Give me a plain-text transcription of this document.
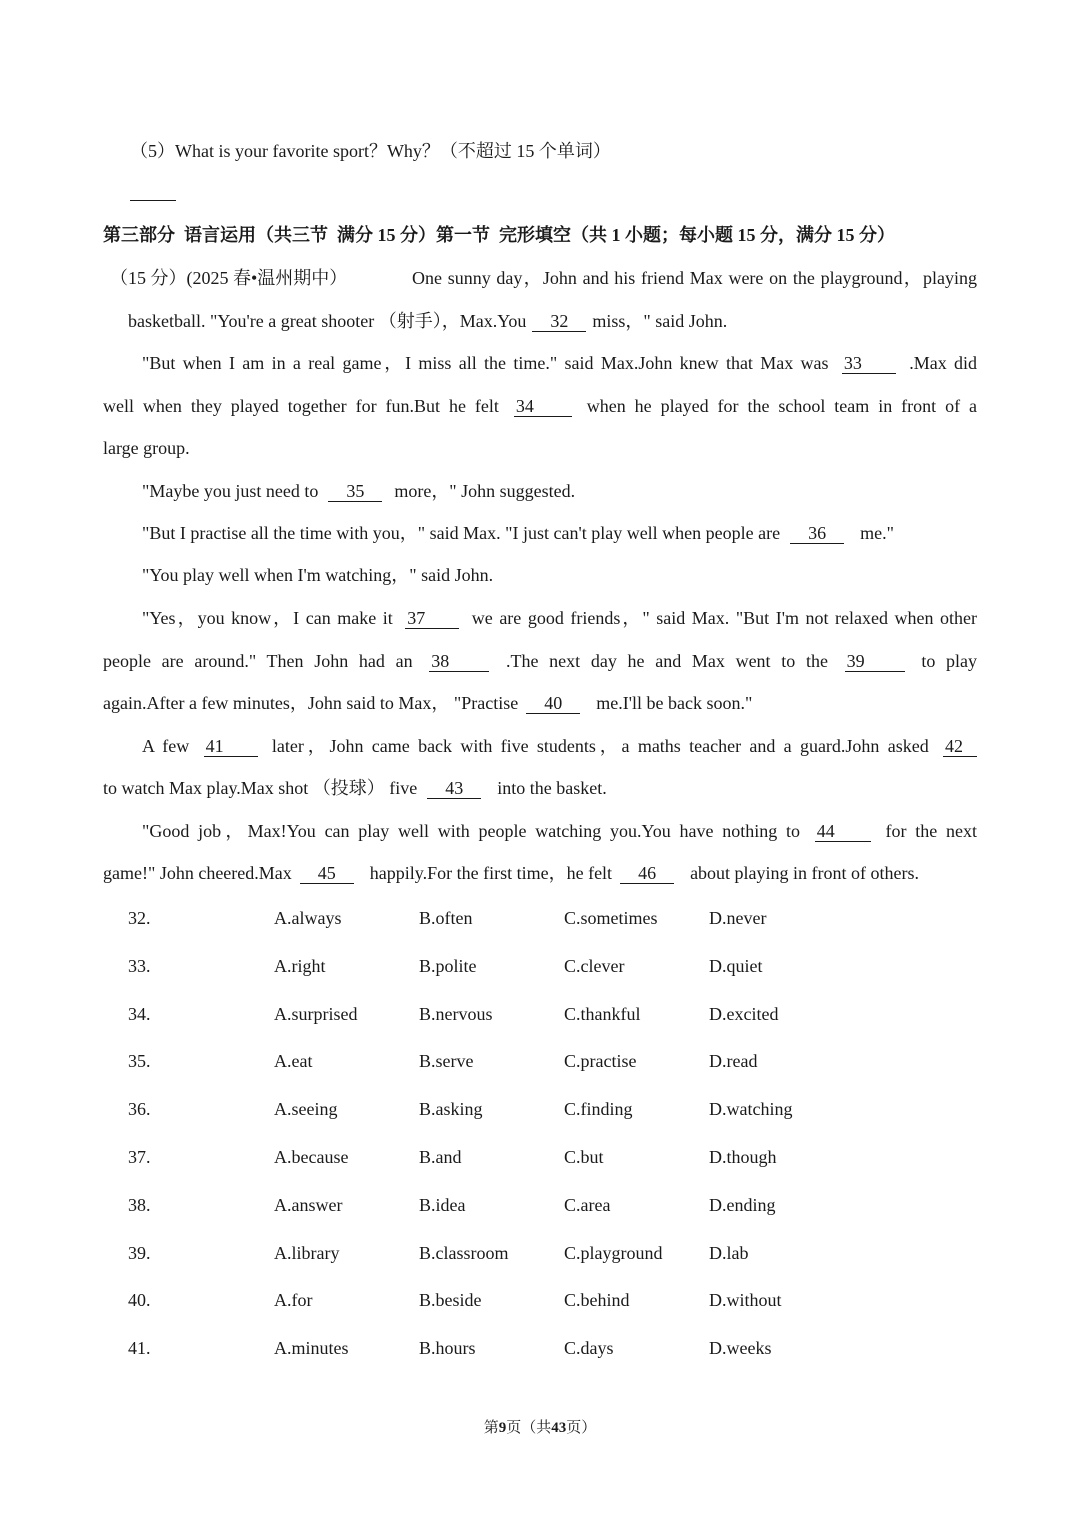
（5）What is your favorite sport？Why？（不超过 15 个单词）
第三部分 语言运用（共三节 满分 15 分）第一节 完形填空（共 1 小题；每小题 15 分，满分 15 分）
（15 分）(2025 春•温州期中）	One sunny day，John and his friend Max were on the playground，playing
basketball. "You're a great shooter （射手），Max.You 32 miss，" said John.
"But when I am in a real game，I miss all the time." said Max.John knew that Max was 33	.Max did
well when they played together for fun.But he felt 34	when he played for the school team in front of a
large group.
"Maybe you just need to 35 more，" John suggested.
"But I practise all the time with you，" said Max. "I just can't play well when people are 36 me."
"You play well when I'm watching，" said John.
"Yes，you know，I can make it 37	we are good friends，" said Max. "But I'm not relaxed when other
people are around." Then John had an 38	.The next day he and Max went to the 39	to play
again.After a few minutes，John said to Max， "Practise 40 me.I'll be back soon."
A few 41	later，John came back with five students，a maths teacher and a guard.John asked 42
to watch Max play.Max shot （投球） five 43 into the basket.
"Good job，Max!You can play well with people watching you.You have nothing to 44	for the next
game!" John cheered.Max 45 happily.For the first time，he felt 46 about playing in front of others.
32.	A.always	B.often	C.sometimes	D.never
33.	A.right	B.polite	C.clever	D.quiet
34.	A.surprised	B.nervous	C.thankful	D.excited
35.	A.eat	B.serve	C.practise	D.read
36.	A.seeing	B.asking	C.finding	D.watching
37.	A.because	B.and	C.but	D.though
38.	A.answer	B.idea	C.area	D.ending
39.	A.library	B.classroom	C.playground	D.lab
40.	A.for	B.beside	C.behind	D.without
41.	A.minutes	B.hours	C.days	D.weeks
第9页（共43页）
